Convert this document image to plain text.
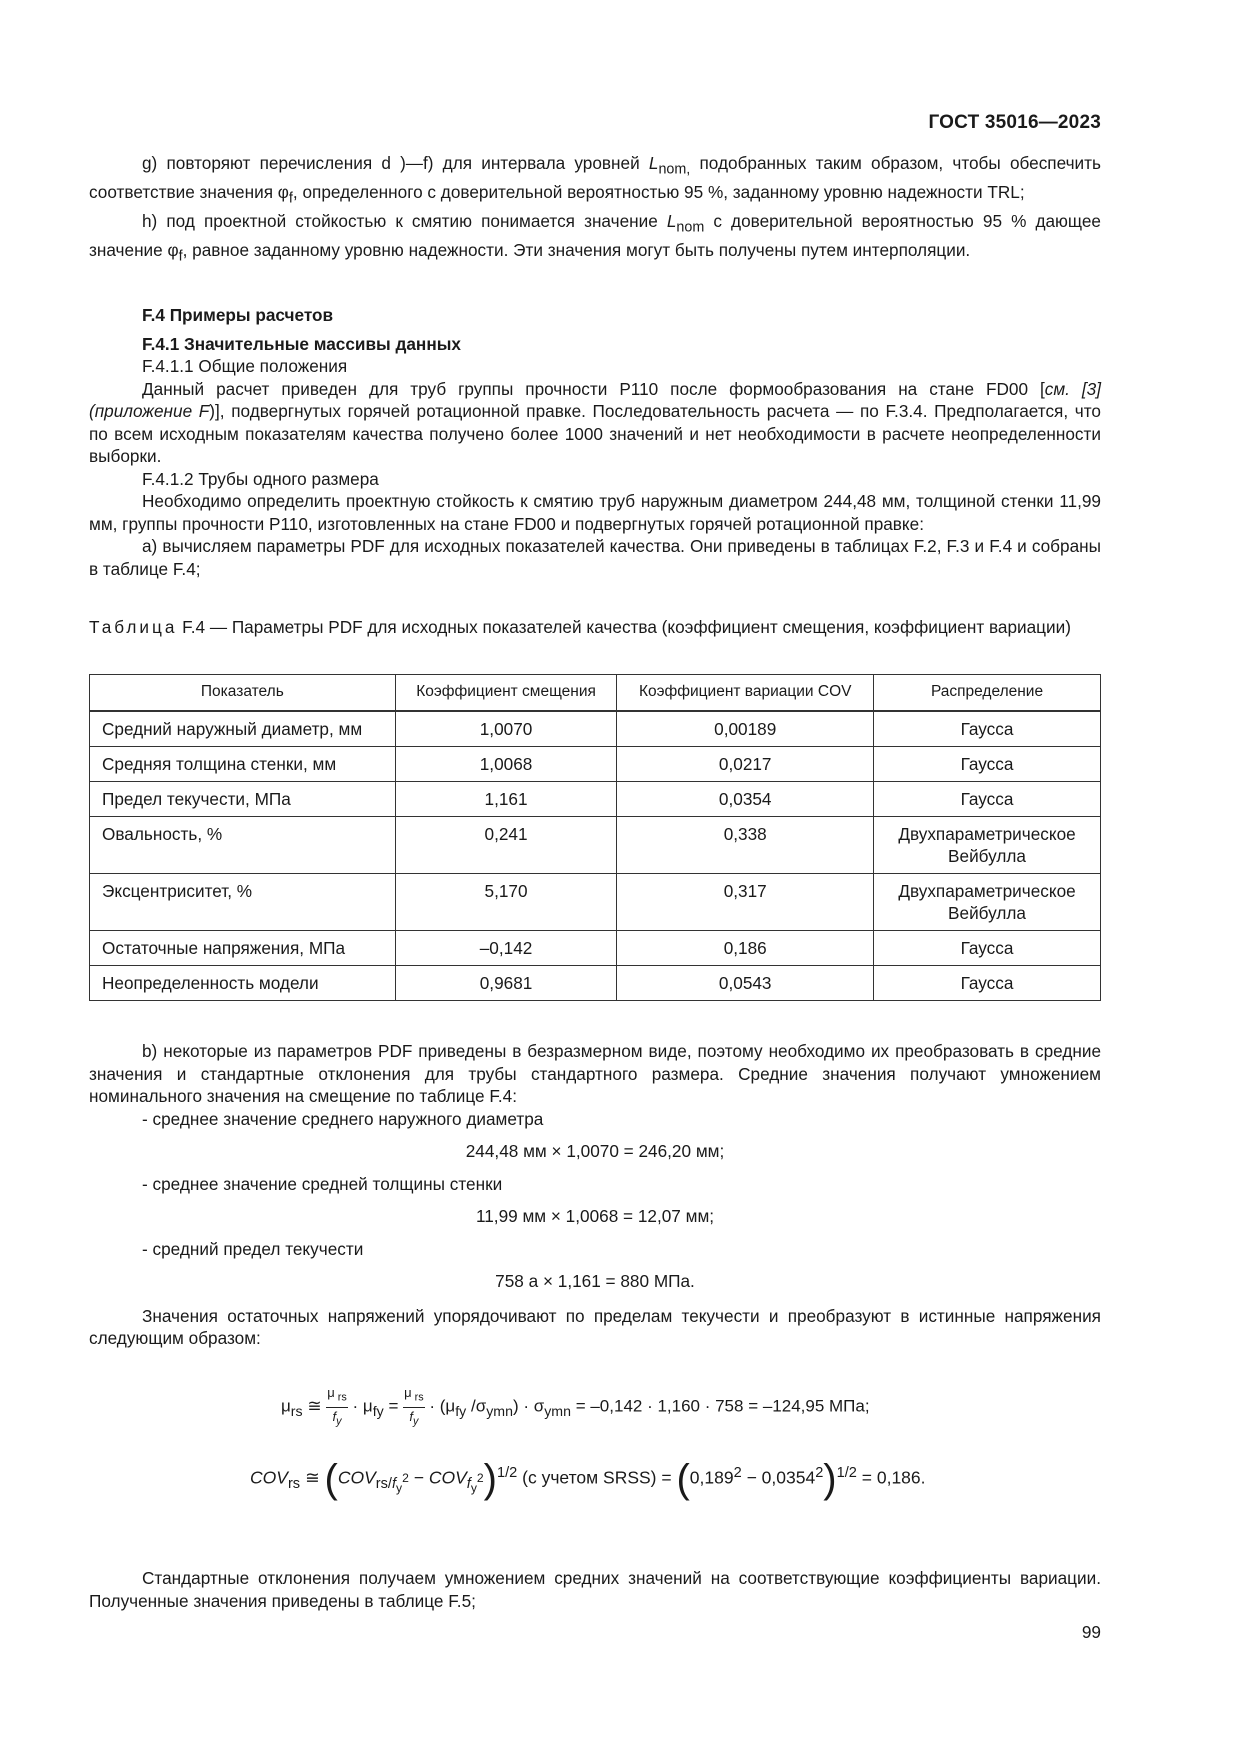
ГОСТ 35016—2023

g) повторяют перечисления d )—f) для интервала уровней $L_{nom,}$ подобранных таким образом, чтобы обеспечить соответствие значения $\varphi_f$, определенного с доверительной вероятностью 95 %, заданному уровню надежности TRL;

h) под проектной стойкостью к смятию понимается значение $L_{nom}$ с доверительной вероятностью 95 % дающее значение $\varphi_f$, равное заданному уровню надежности. Эти значения могут быть получены путем интерполяции.

F.4 Примеры расчетов

F.4.1 Значительные массивы данных

F.4.1.1 Общие положения

Данный расчет приведен для труб группы прочности Р110 после формообразования на стане FD00 [см. [3] (приложение F)], подвергнутых горячей ротационной правке. Последовательность расчета — по F.3.4. Предполагается, что по всем исходным показателям качества получено более 1000 значений и нет необходимости в расчете неопределенности выборки.

F.4.1.2 Трубы одного размера

Необходимо определить проектную стойкость к смятию труб наружным диаметром 244,48 мм, толщиной стенки 11,99 мм, группы прочности Р110, изготовленных на стане FD00 и подвергнутых горячей ротационной правке:

а) вычисляем параметры PDF для исходных показателей качества. Они приведены в таблицах F.2, F.3 и F.4 и собраны в таблице F.4;

Таблица F.4 — Параметры PDF для исходных показателей качества (коэффициент смещения, коэффициент вариации)

Показатель	Коэффициент смещения	Коэффициент вариации COV	Распределение
Средний наружный диаметр, мм	1,0070	0,00189	Гаусса
Средняя толщина стенки, мм	1,0068	0,0217	Гаусса
Предел текучести, МПа	1,161	0,0354	Гаусса
Овальность, %	0,241	0,338	Двухпараметрическое Вейбулла
Эксцентриситет, %	5,170	0,317	Двухпараметрическое Вейбулла
Остаточные напряжения, МПа	–0,142	0,186	Гаусса
Неопределенность модели	0,9681	0,0543	Гаусса

b) некоторые из параметров PDF приведены в безразмерном виде, поэтому необходимо их преобразовать в средние значения и стандартные отклонения для трубы стандартного размера. Средние значения получают умножением номинального значения на смещение по таблице F.4:

- среднее значение среднего наружного диаметра

244,48 мм × 1,0070 = 246,20 мм;

- среднее значение средней толщины стенки

11,99 мм × 1,0068 = 12,07 мм;

- средний предел текучести

758 a × 1,161 = 880 МПа.

Значения остаточных напряжений упорядочивают по пределам текучести и преобразуют в истинные напряжения следующим образом:

$\mu_{rs}$ ≅ $\frac{\mu _{rs}}{f_y} \cdot \mu_{fy} = \frac{\mu _{rs}}{f_y} \cdot (\mu_{fy}$ $/\sigma_{ymn}) \cdot \sigma_{ymn} = -0,142 \cdot 1,160 \cdot 758 = -124,95$ МПа;
$COV_{rs}$ ≅ $(COV_{rs/f_y^2} - COV_{f_y^2})^{1/2}$ (с учетом SRSS) = $(0,189^2 - 0,0354^2)^{1/2} = 0,186$.

Стандартные отклонения получаем умножением средних значений на соответствующие коэффициенты вариации. Полученные значения приведены в таблице F.5;

99
